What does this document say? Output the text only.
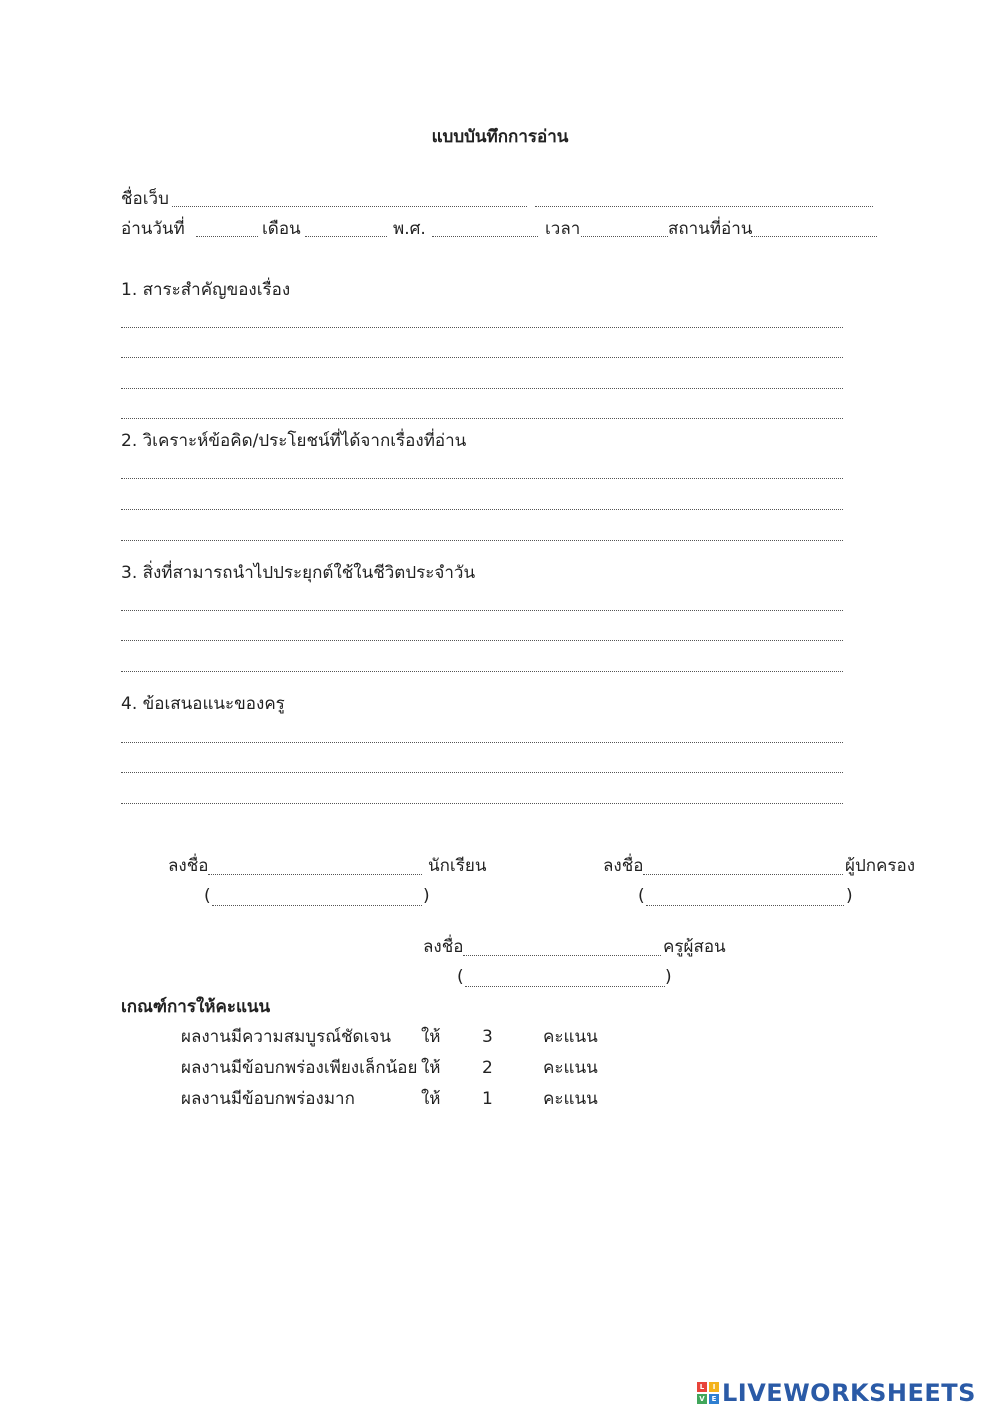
แบบบันทึกการอ่าน
ชื่อเว็บ
อ่านวันที่	เดือน	พ.ศ.	เวลา	สถานที่อ่าน
1. สาระสำคัญของเรื่อง
2. วิเคราะห์ข้อคิด/ประโยชน์ที่ได้จากเรื่องที่อ่าน
3. สิ่งที่สามารถนำไปประยุกต์ใช้ในชีวิตประจำวัน
4. ข้อเสนอแนะของครู
ลงชื่อ	นักเรียน
(	)
ลงชื่อ	ผู้ปกครอง
(	)
ลงชื่อ	ครูผู้สอน
(	)
เกณฑ์การให้คะแนน
ผลงานมีความสมบูรณ์ชัดเจน ให้ 3	คะแนน
ผลงานมีข้อบกพร่องเพียงเล็กน้อย ให้ 2	คะแนน
ผลงานมีข้อบกพร่องมาก	ให้ 1	คะแนน
L	I
V E LIVEWORKSHEETS
